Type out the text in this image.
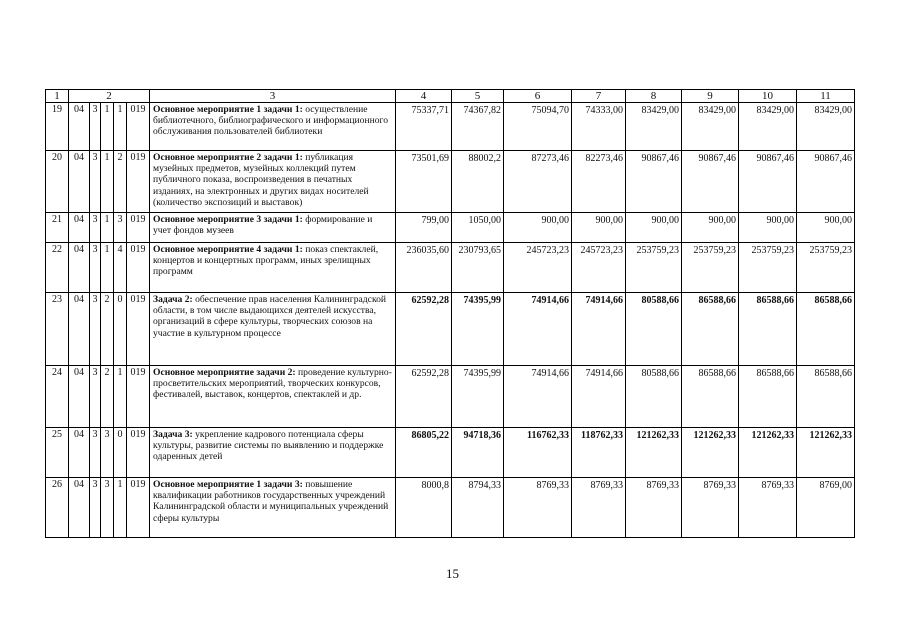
1	2					3	4	5	6	7	8	9	10	11
19	04	3	1	1	019	Основное мероприятие 1 задачи 1: осуществление библиотечного, библиографического и информационного обслуживания пользователей библиотеки	75337,71	74367,82	75094,70	74333,00	83429,00	83429,00	83429,00	83429,00
20	04	3	1	2	019	Основное мероприятие 2 задачи 1: публикация музейных предметов, музейных коллекций путем публичного показа, воспроизведения в печатных изданиях, на электронных и других видах носителей (количество экспозиций и выставок)	73501,69	88002,2	87273,46	82273,46	90867,46	90867,46	90867,46	90867,46
21	04	3	1	3	019	Основное мероприятие 3 задачи 1: формирование и учет фондов музеев	799,00	1050,00	900,00	900,00	900,00	900,00	900,00	900,00
22	04	3	1	4	019	Основное мероприятие 4 задачи 1: показ спектаклей, концертов и концертных программ, иных зрелищных программ	236035,60	230793,65	245723,23	245723,23	253759,23	253759,23	253759,23	253759,23
23	04	3	2	0	019	Задача 2: обеспечение прав населения Калининградской области, в том числе выдающихся деятелей искусства, организаций в сфере культуры, творческих союзов на участие в культурном процессе	62592,28	74395,99	74914,66	74914,66	80588,66	86588,66	86588,66	86588,66
24	04	3	2	1	019	Основное мероприятие задачи 2: проведение культурно-просветительских мероприятий, творческих конкурсов, фестивалей, выставок, концертов, спектаклей и др.	62592,28	74395,99	74914,66	74914,66	80588,66	86588,66	86588,66	86588,66
25	04	3	3	0	019	Задача 3: укрепление кадрового потенциала сферы культуры, развитие системы по выявлению и поддержке одаренных детей	86805,22	94718,36	116762,33	118762,33	121262,33	121262,33	121262,33	121262,33
26	04	3	3	1	019	Основное мероприятие 1 задачи 3: повышение квалификации работников государственных учреждений Калининградской области и муниципальных учреждений сферы культуры	8000,8	8794,33	8769,33	8769,33	8769,33	8769,33	8769,33	8769,00
15
